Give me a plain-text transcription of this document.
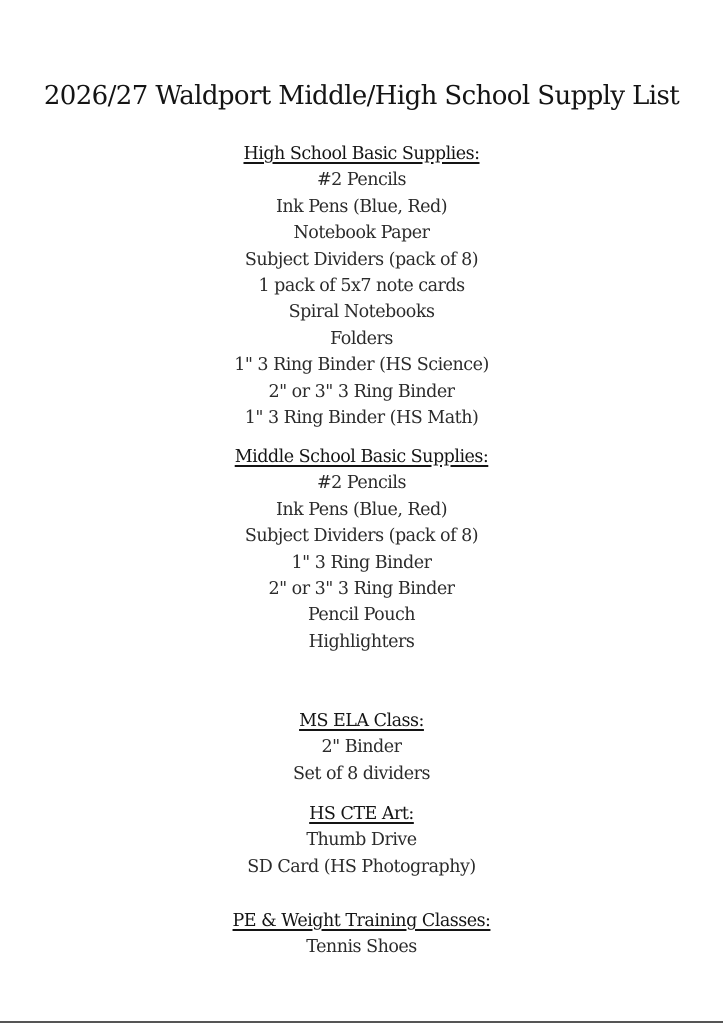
2026/27 Waldport Middle/High School Supply List
High School Basic Supplies:
#2 Pencils
Ink Pens (Blue, Red)
Notebook Paper
Subject Dividers (pack of 8)
1 pack of 5x7 note cards
Spiral Notebooks
Folders
1" 3 Ring Binder (HS Science)
2" or 3" 3 Ring Binder
1" 3 Ring Binder (HS Math)
Middle School Basic Supplies:
#2 Pencils
Ink Pens (Blue, Red)
Subject Dividers (pack of 8)
1" 3 Ring Binder
2" or 3" 3 Ring Binder
Pencil Pouch
Highlighters
MS ELA Class:
2" Binder
Set of 8 dividers
HS CTE Art:
Thumb Drive
SD Card (HS Photography)
PE & Weight Training Classes:
Tennis Shoes
